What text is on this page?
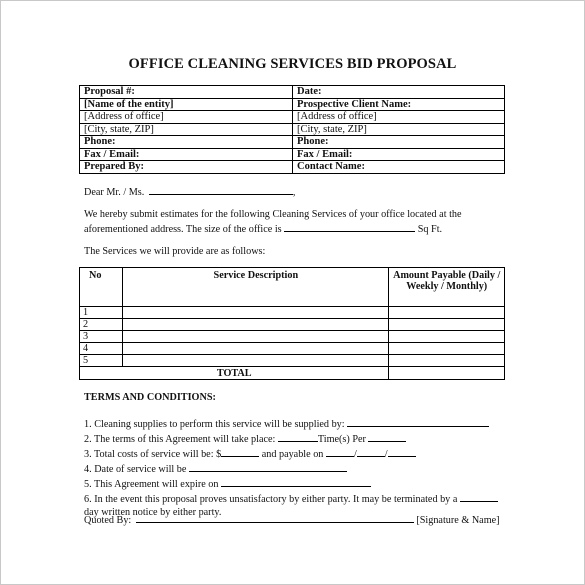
OFFICE CLEANING SERVICES BID PROPOSAL
Proposal #:	Date:
[Name of the entity]	Prospective Client Name:
[Address of office]	[Address of office]
[City, state, ZIP]	[City, state, ZIP]
Phone:	Phone:
Fax / Email:	Fax / Email:
Prepared By:	Contact Name:
Dear Mr. / Ms.	,
We hereby submit estimates for the following Cleaning Services of your office located at the
aforementioned address. The size of the office is	Sq Ft.
The Services we will provide are as follows:
No	Service Description	Amount Payable (Daily / Weekly / Monthly)
1		
2		
3		
4		
5		
TOTAL		
TERMS AND CONDITIONS:
1. Cleaning supplies to perform this service will be supplied by:
2. The terms of this Agreement will take place:	Time(s) Per
3. Total costs of service will be: $	and payable on	/	/
4. Date of service will be
5. This Agreement will expire on
6. In the event this proposal proves unsatisfactory by either party. It may be terminated by a
day written notice by either party.
Quoted By:	[Signature & Name]
